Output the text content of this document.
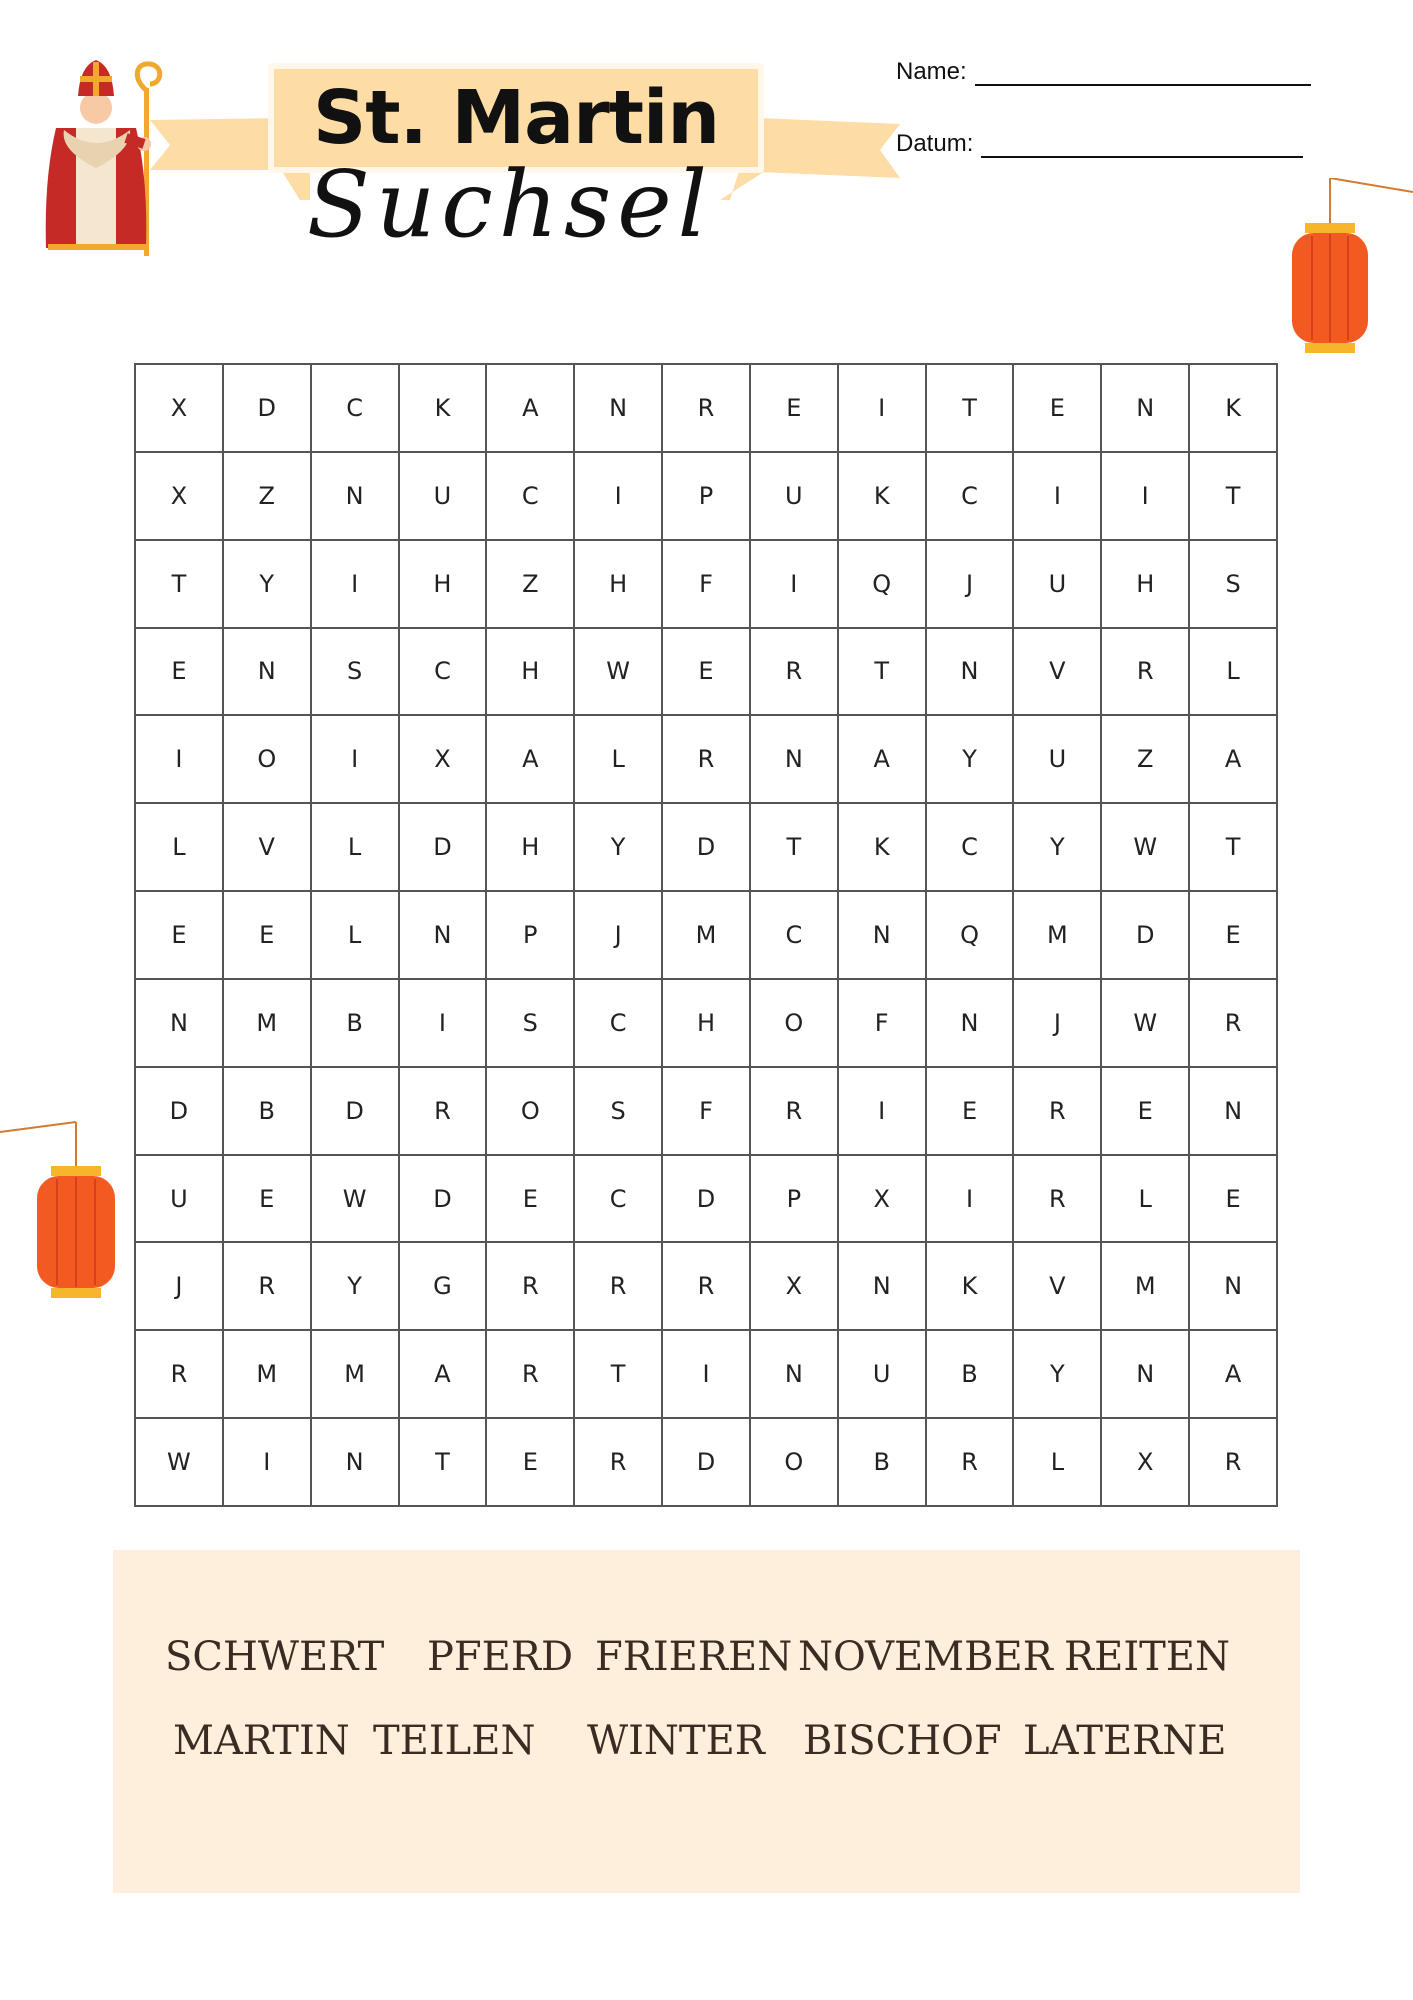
St. Martin
Suchsel
Name:
Datum:
X	D	C	K	A	N	R	E	I	T	E	N	K
X	Z	N	U	C	I	P	U	K	C	I	I	T
T	Y	I	H	Z	H	F	I	Q	J	U	H	S
E	N	S	C	H	W	E	R	T	N	V	R	L
I	O	I	X	A	L	R	N	A	Y	U	Z	A
L	V	L	D	H	Y	D	T	K	C	Y	W	T
E	E	L	N	P	J	M	C	N	Q	M	D	E
N	M	B	I	S	C	H	O	F	N	J	W	R
D	B	D	R	O	S	F	R	I	E	R	E	N
U	E	W	D	E	C	D	P	X	I	R	L	E
J	R	Y	G	R	R	R	X	N	K	V	M	N
R	M	M	A	R	T	I	N	U	B	Y	N	A
W	I	N	T	E	R	D	O	B	R	L	X	R
SCHWERT PFERD FRIEREN NOVEMBER REITEN
MARTIN TEILEN WINTER BISCHOF LATERNE
